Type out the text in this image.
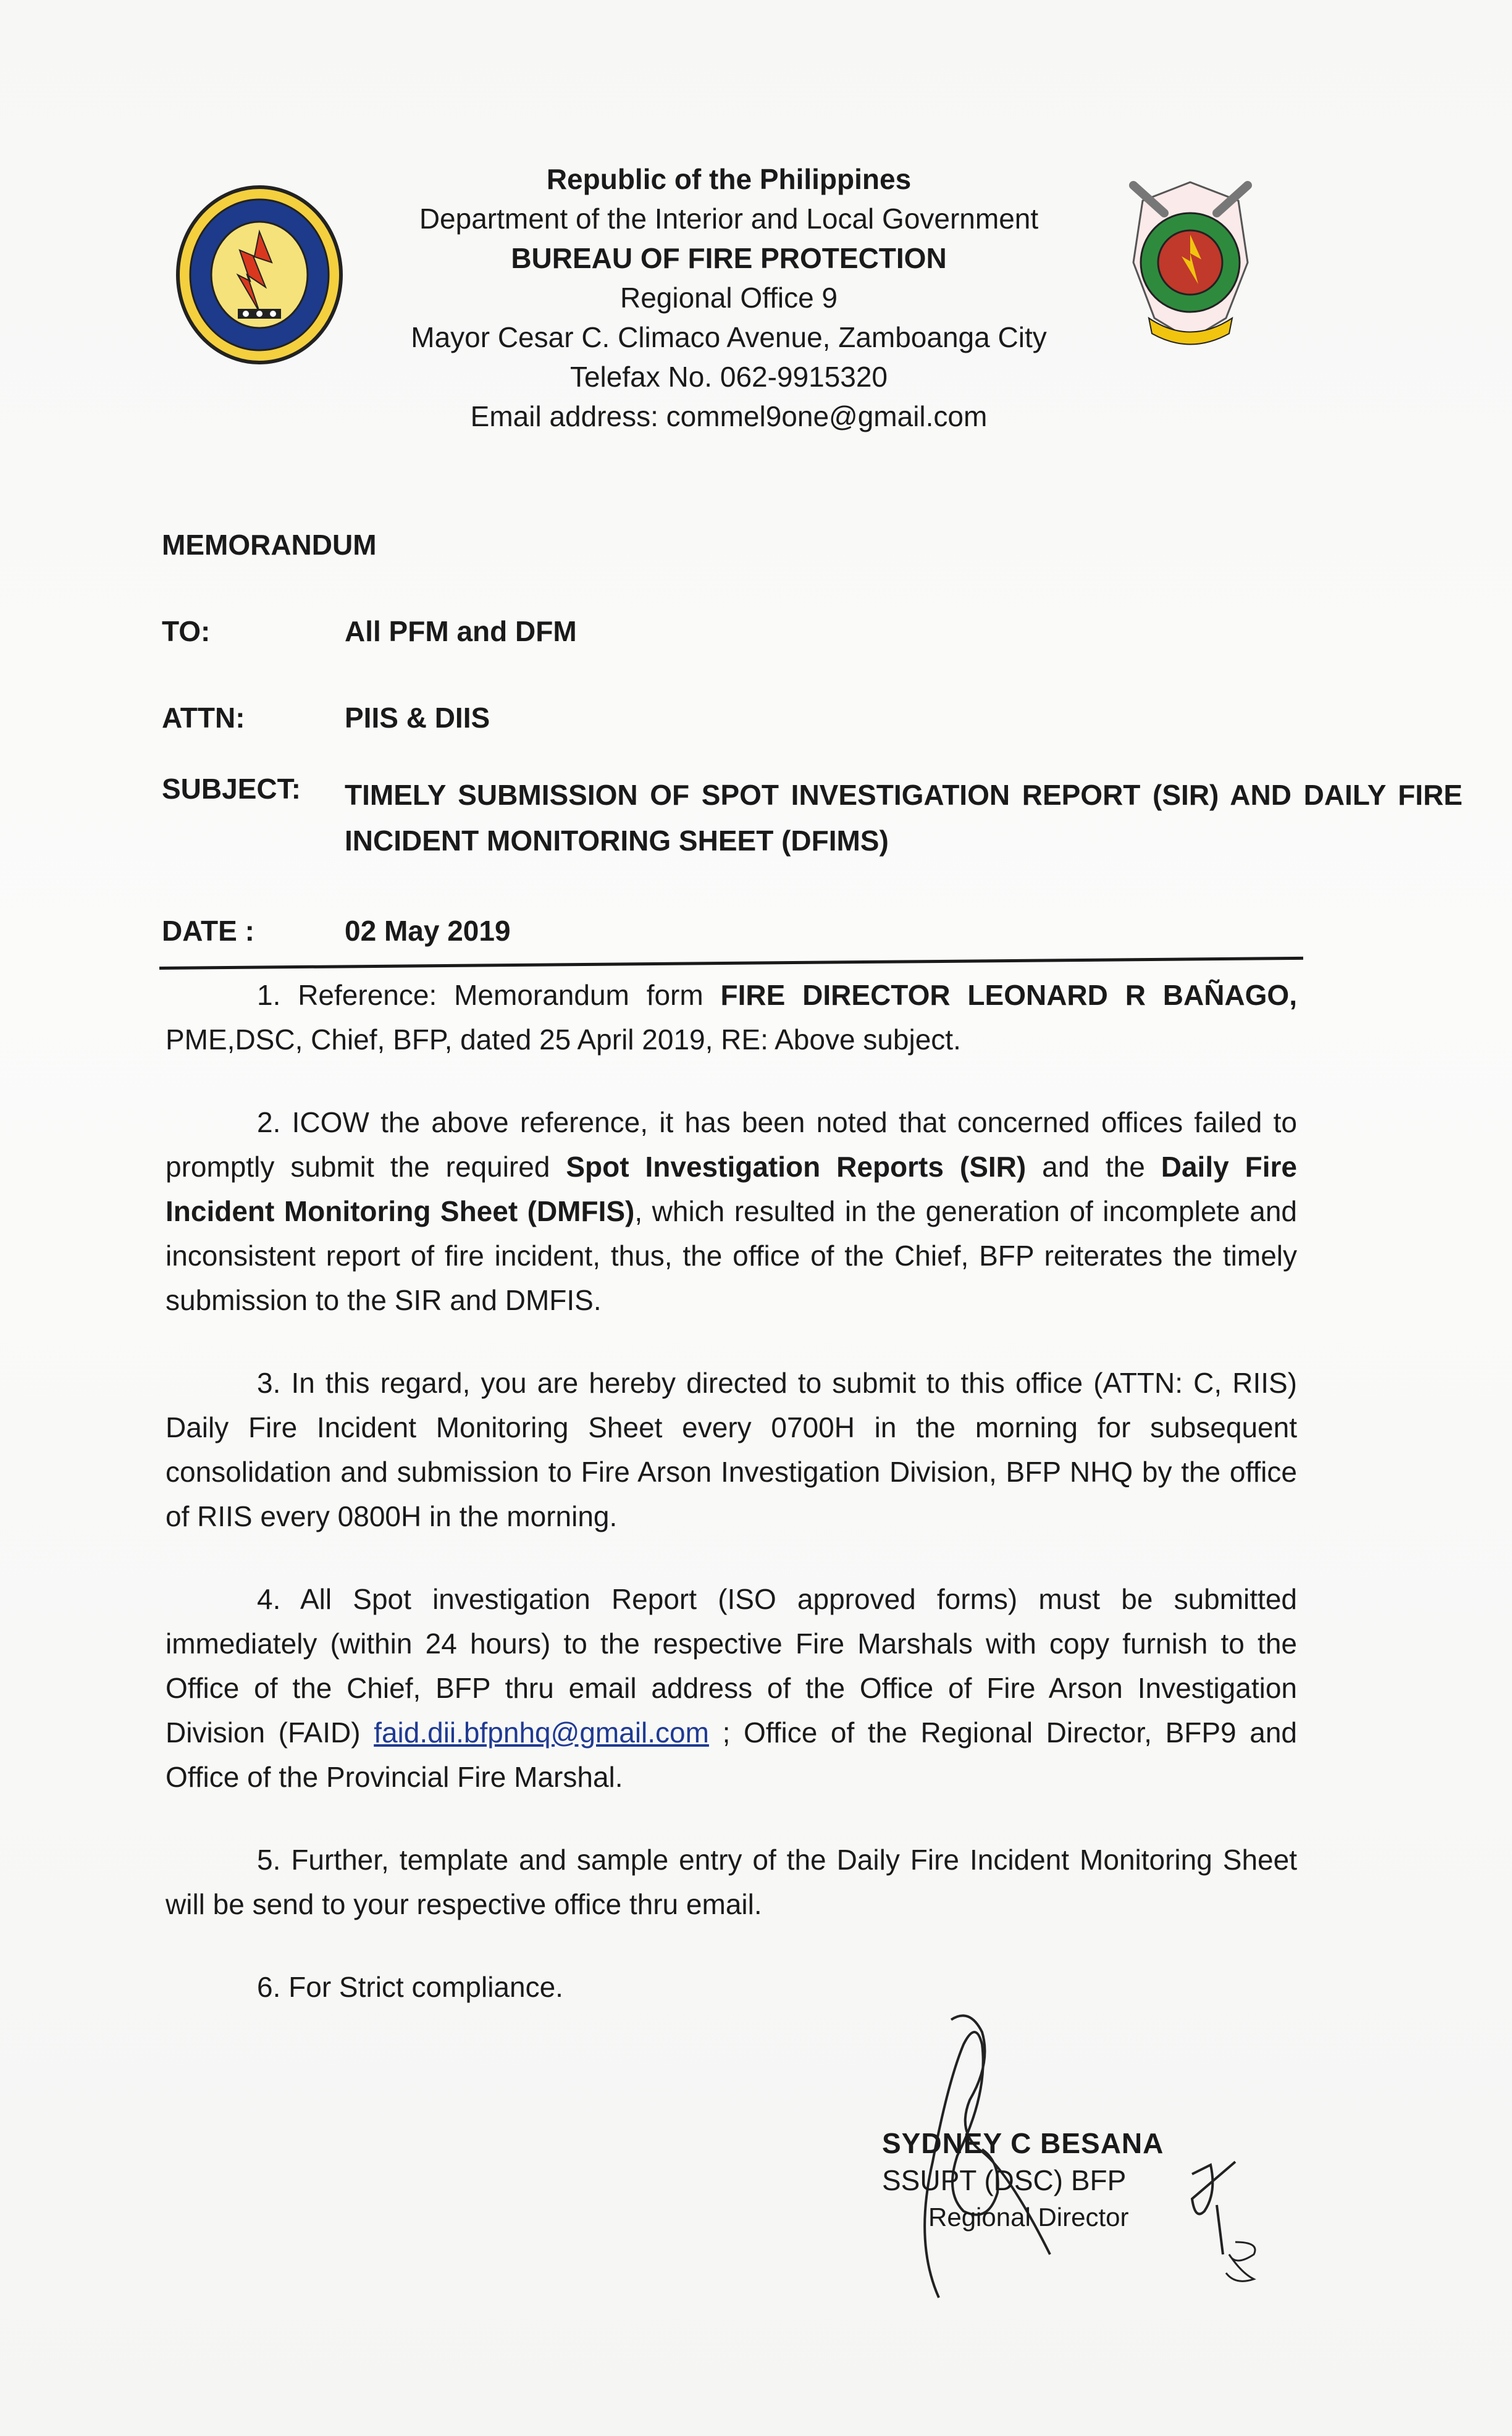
Republic of the Philippines
Department of the Interior and Local Government
BUREAU OF FIRE PROTECTION
Regional Office 9
Mayor Cesar C. Climaco Avenue, Zamboanga City
Telefax No. 062-9915320
Email address: commel9one@gmail.com
MEMORANDUM
TO:	All PFM and DFM
ATTN:	PIIS & DIIS
SUBJECT: TIMELY SUBMISSION OF SPOT INVESTIGATION REPORT (SIR) AND DAILY FIRE INCIDENT MONITORING SHEET (DFIMS)
DATE :	02 May 2019

1. Reference: Memorandum form FIRE DIRECTOR LEONARD R BAÑAGO, PME,DSC, Chief, BFP, dated 25 April 2019, RE: Above subject.

2. ICOW the above reference, it has been noted that concerned offices failed to promptly submit the required Spot Investigation Reports (SIR) and the Daily Fire Incident Monitoring Sheet (DMFIS), which resulted in the generation of incomplete and inconsistent report of fire incident, thus, the office of the Chief, BFP reiterates the timely submission to the SIR and DMFIS.

3. In this regard, you are hereby directed to submit to this office (ATTN: C, RIIS) Daily Fire Incident Monitoring Sheet every 0700H in the morning for subsequent consolidation and submission to Fire Arson Investigation Division, BFP NHQ by the office of RIIS every 0800H in the morning.

4. All Spot investigation Report (ISO approved forms) must be submitted immediately (within 24 hours) to the respective Fire Marshals with copy furnish to the Office of the Chief, BFP thru email address of the Office of Fire Arson Investigation Division (FAID) faid.dii.bfpnhq@gmail.com ; Office of the Regional Director, BFP9 and Office of the Provincial Fire Marshal.

5. Further, template and sample entry of the Daily Fire Incident Monitoring Sheet will be send to your respective office thru email.

6. For Strict compliance.

SYDNEY C BESANA
SSUPT (DSC) BFP
Regional Director
